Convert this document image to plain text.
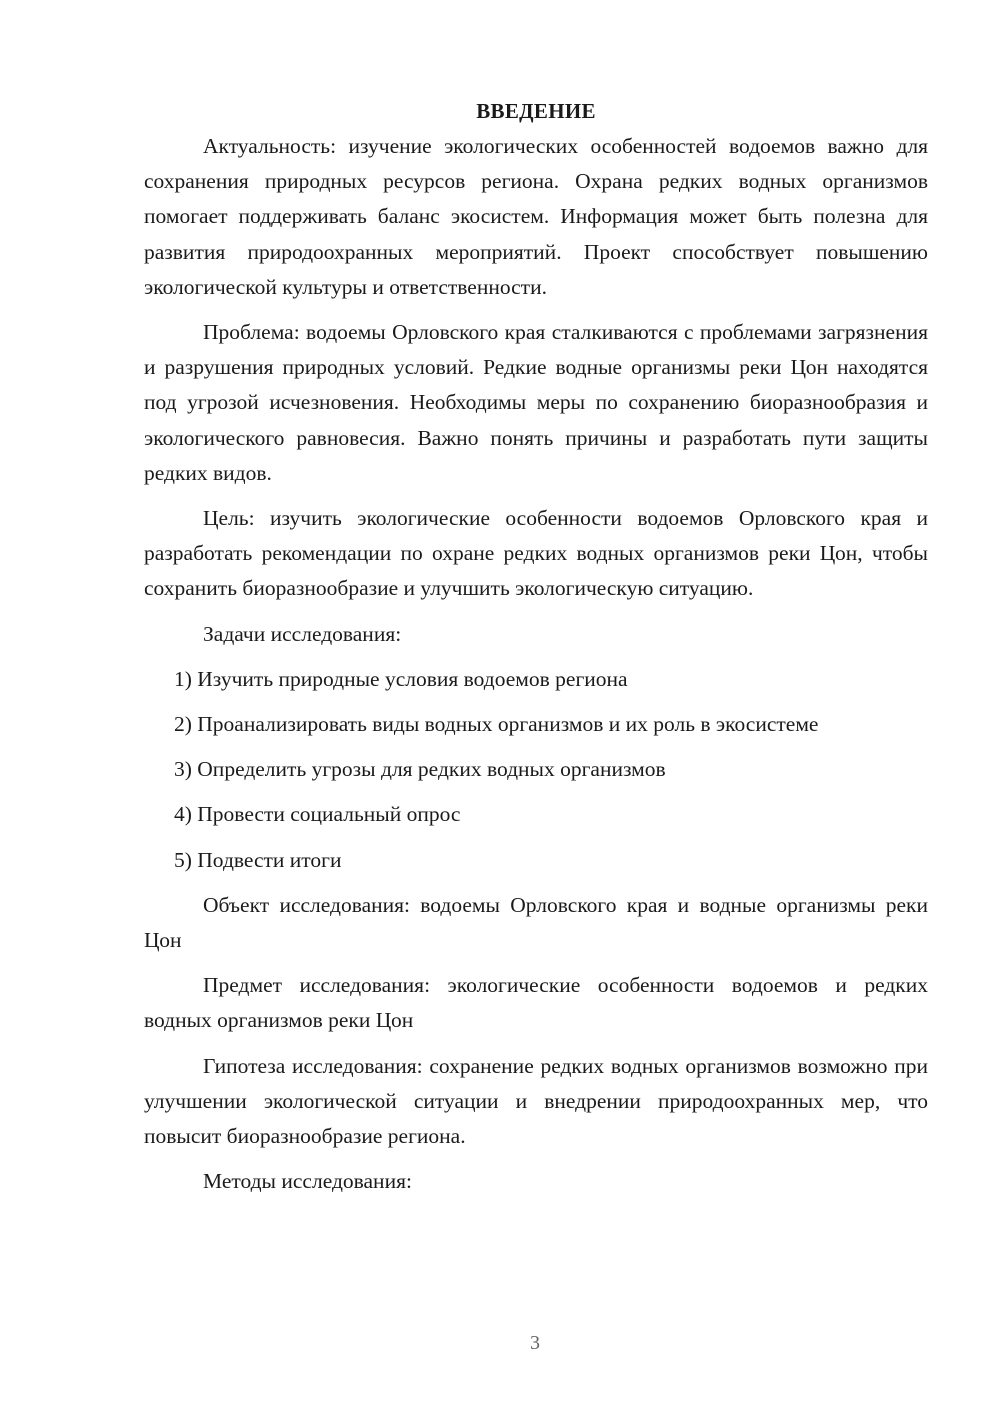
ВВЕДЕНИЕ

Актуальность: изучение экологических особенностей водоемов важно для сохранения природных ресурсов региона. Охрана редких водных организмов помогает поддерживать баланс экосистем. Информация может быть полезна для развития природоохранных мероприятий. Проект способствует повышению экологической культуры и ответственности.

Проблема: водоемы Орловского края сталкиваются с проблемами загрязнения и разрушения природных условий. Редкие водные организмы реки Цон находятся под угрозой исчезновения. Необходимы меры по сохранению биоразнообразия и экологического равновесия. Важно понять причины и разработать пути защиты редких видов.

Цель: изучить экологические особенности водоемов Орловского края и разработать рекомендации по охране редких водных организмов реки Цон, чтобы сохранить биоразнообразие и улучшить экологическую ситуацию.

Задачи исследования:

1) Изучить природные условия водоемов региона
2) Проанализировать виды водных организмов и их роль в экосистеме
3) Определить угрозы для редких водных организмов
4) Провести социальный опрос
5) Подвести итоги

Объект исследования: водоемы Орловского края и водные организмы реки Цон

Предмет исследования: экологические особенности водоемов и редких водных организмов реки Цон

Гипотеза исследования: сохранение редких водных организмов возможно при улучшении экологической ситуации и внедрении природоохранных мер, что повысит биоразнообразие региона.

Методы исследования:

3
